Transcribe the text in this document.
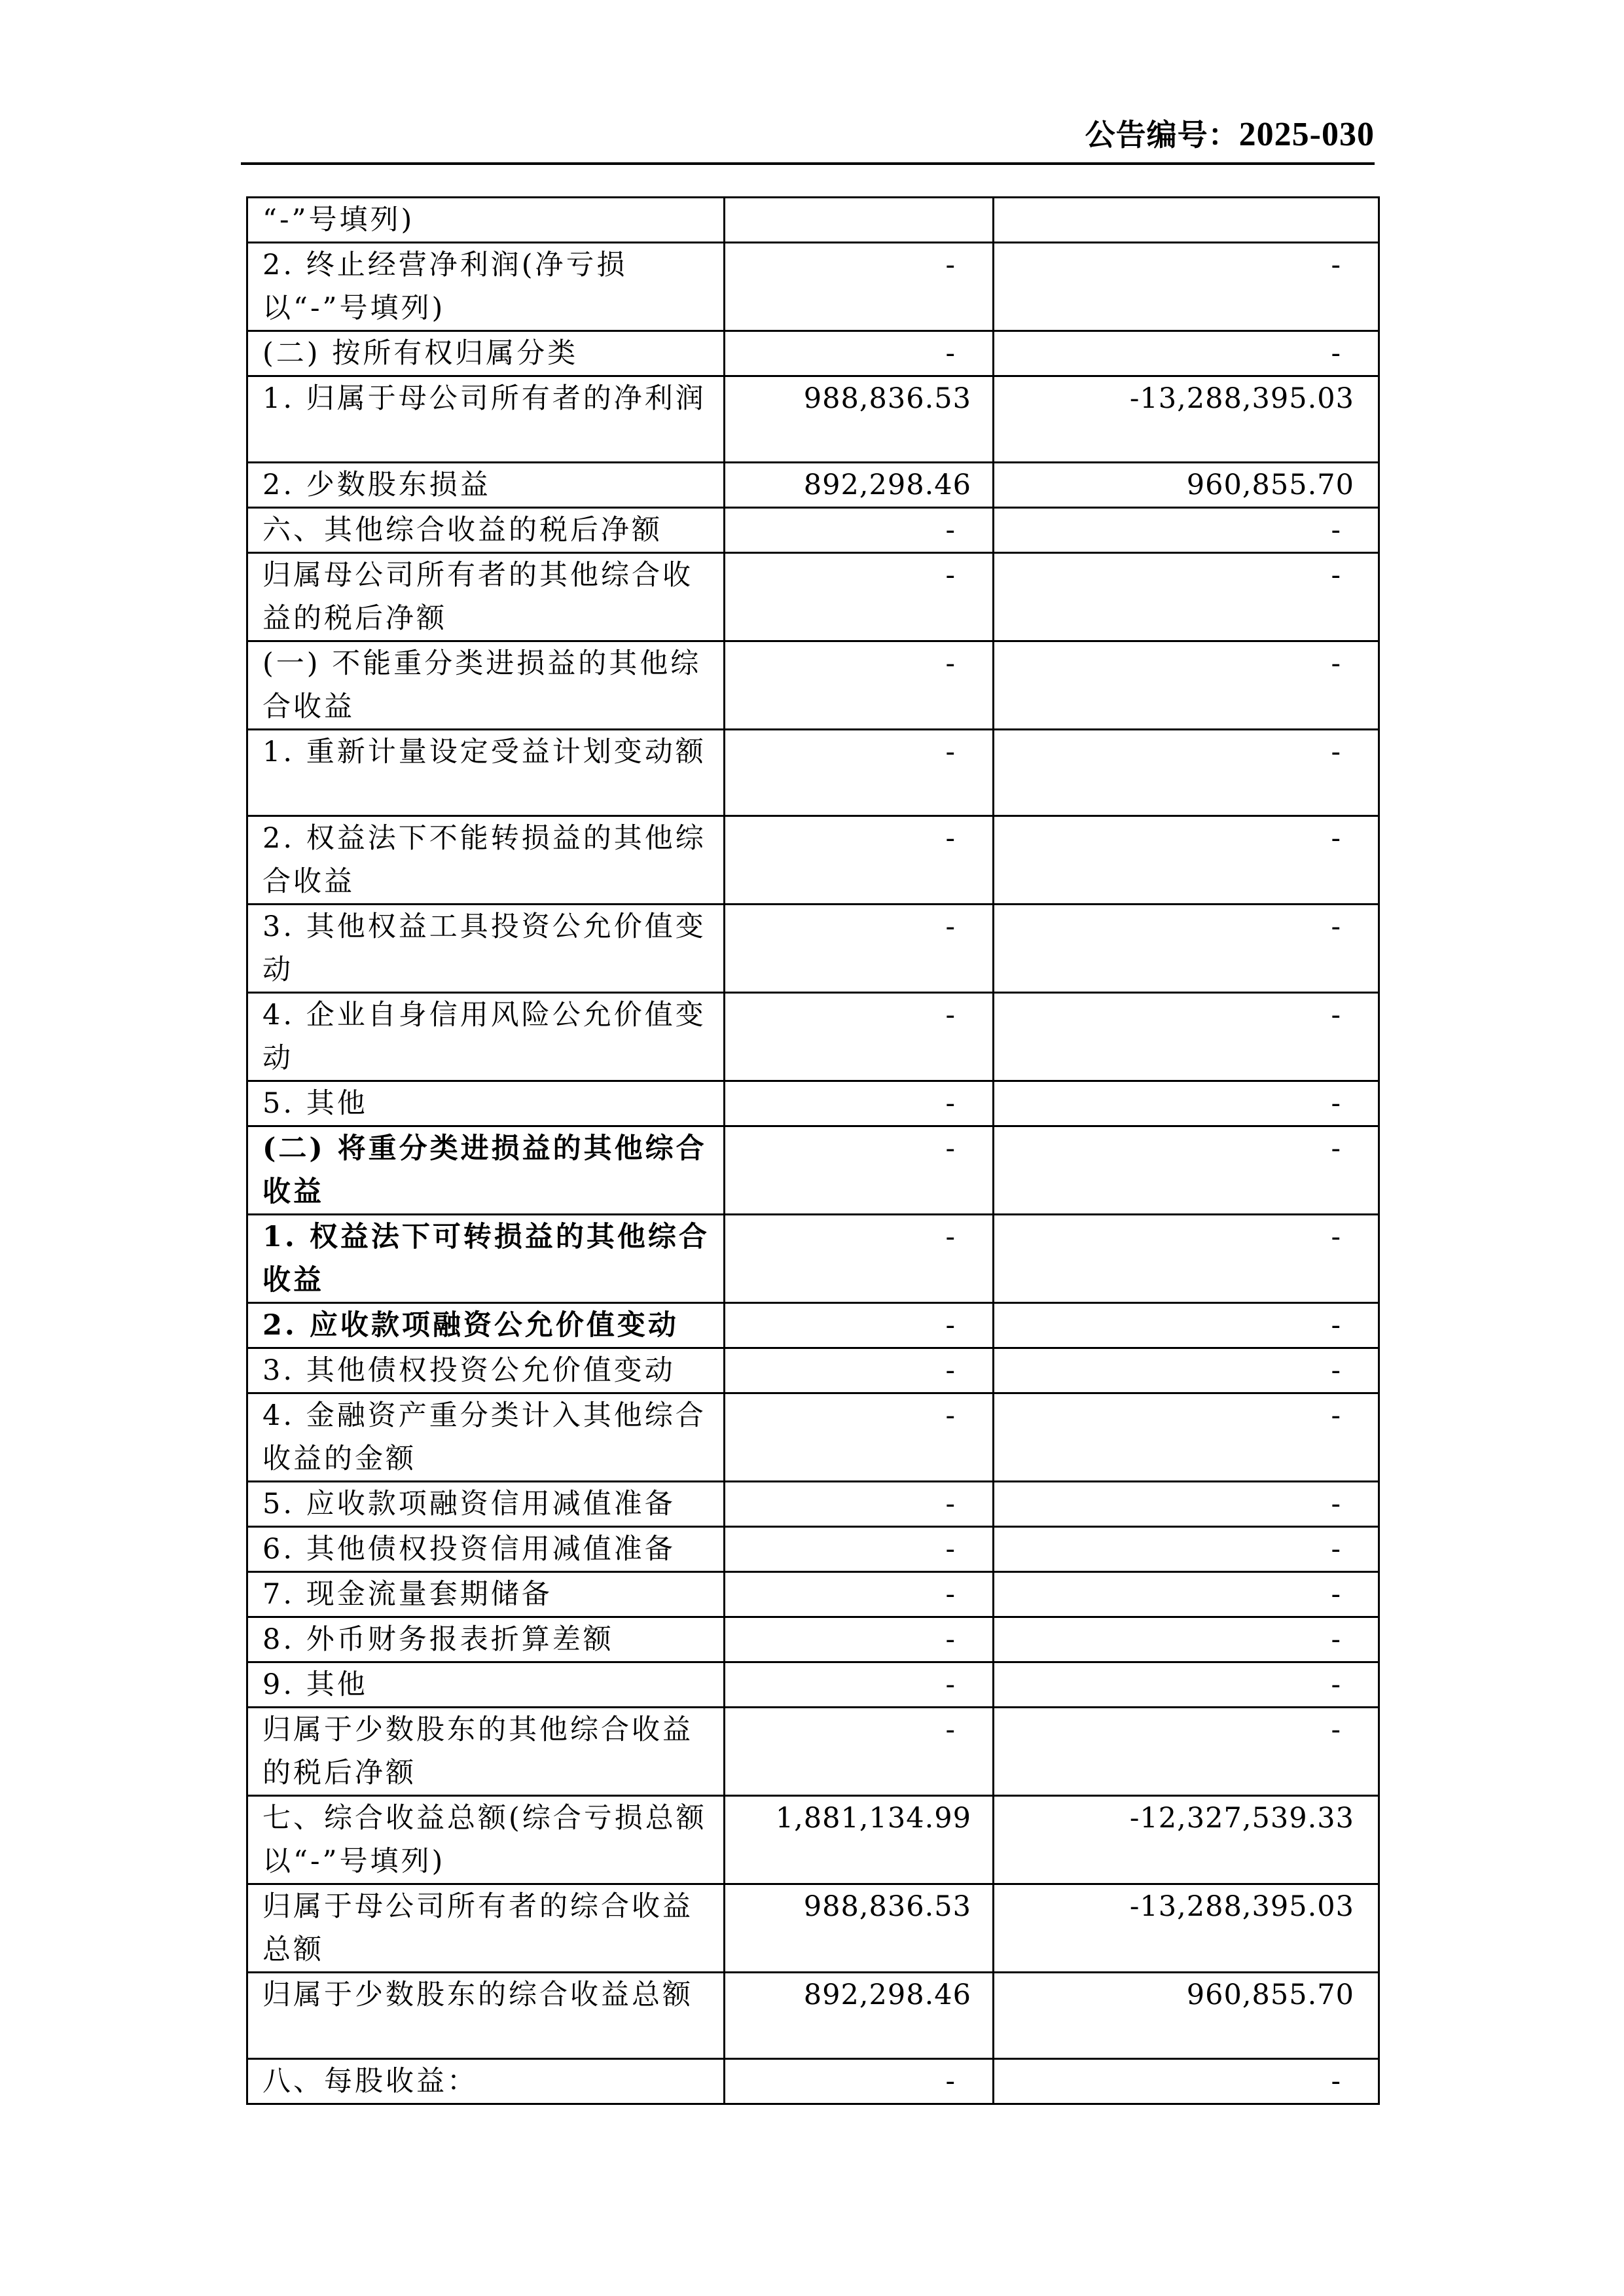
公告编号：2025-030
“-”号填列)		
2. 终止经营净利润(净亏损以“-”号填列)	-	-
(二) 按所有权归属分类	-	-
1. 归属于母公司所有者的净利润	988,836.53	-13,288,395.03
2. 少数股东损益	892,298.46	960,855.70
六、其他综合收益的税后净额	-	-
归属母公司所有者的其他综合收益的税后净额	-	-
(一) 不能重分类进损益的其他综合收益	-	-
1. 重新计量设定受益计划变动额	-	-
2. 权益法下不能转损益的其他综合收益	-	-
3. 其他权益工具投资公允价值变动	-	-
4. 企业自身信用风险公允价值变动	-	-
5. 其他	-	-
(二) 将重分类进损益的其他综合收益	-	-
1. 权益法下可转损益的其他综合收益	-	-
2. 应收款项融资公允价值变动	-	-
3. 其他债权投资公允价值变动	-	-
4. 金融资产重分类计入其他综合收益的金额	-	-
5. 应收款项融资信用减值准备	-	-
6. 其他债权投资信用减值准备	-	-
7. 现金流量套期储备	-	-
8. 外币财务报表折算差额	-	-
9. 其他	-	-
归属于少数股东的其他综合收益的税后净额	-	-
七、综合收益总额(综合亏损总额以“-”号填列)	1,881,134.99	-12,327,539.33
归属于母公司所有者的综合收益总额	988,836.53	-13,288,395.03
归属于少数股东的综合收益总额	892,298.46	960,855.70
八、每股收益：	-	-
